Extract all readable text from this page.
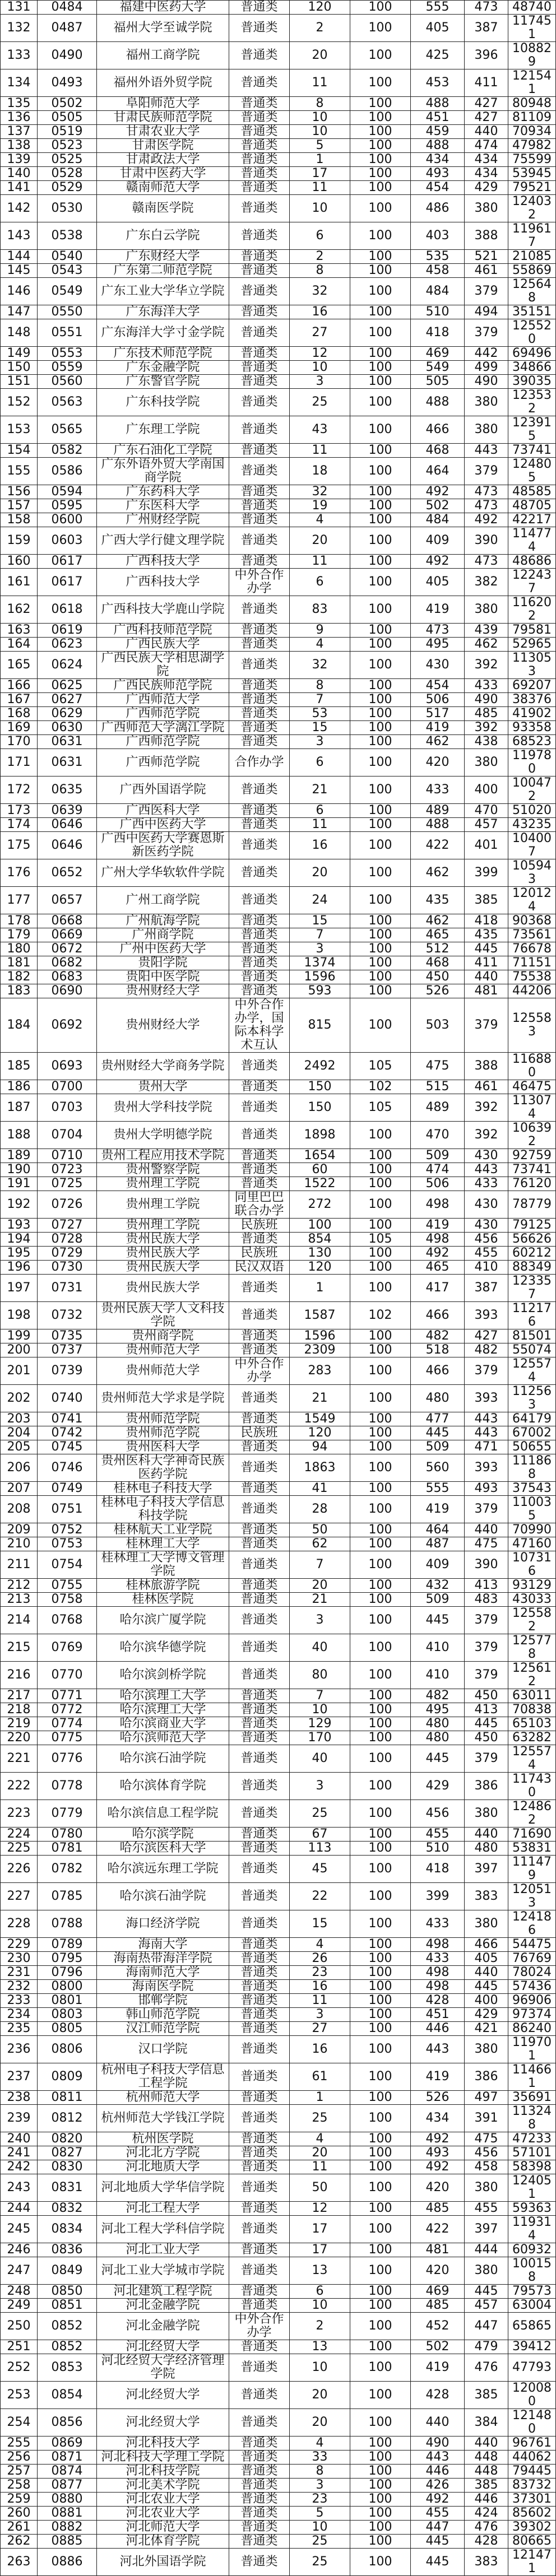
131	0484	福建中医药大学	普通类	120	100	555	473	48740
132	0487	福州大学至诚学院	普通类	2	100	405	387	117451
133	0490	福州工商学院	普通类	20	100	425	396	108829
134	0493	福州外语外贸学院	普通类	11	100	453	411	121541
135	0502	阜阳师范大学	普通类	8	100	488	427	80948
136	0505	甘肃民族师范学院	普通类	10	100	451	427	81109
137	0519	甘肃农业大学	普通类	10	100	459	440	70934
138	0523	甘肃医学院	普通类	5	100	488	474	47982
139	0525	甘肃政法大学	普通类	1	100	434	434	75599
140	0528	甘肃中医药大学	普通类	17	100	493	434	53945
141	0529	赣南师范大学	普通类	11	100	454	429	79521
142	0530	赣南医学院	普通类	10	100	486	380	124032
143	0538	广东白云学院	普通类	6	100	403	388	119617
144	0540	广东财经大学	普通类	2	100	535	521	21085
145	0543	广东第二师范学院	普通类	8	100	458	461	55869
146	0549	广东工业大学华立学院	普通类	32	100	484	379	125648
147	0550	广东海洋大学	普通类	16	100	510	494	35151
148	0551	广东海洋大学寸金学院	普通类	27	100	418	379	125520
149	0553	广东技术师范学院	普通类	12	100	469	442	69496
150	0559	广东金融学院	普通类	10	100	549	499	34866
151	0560	广东警官学院	普通类	3	100	505	490	39035
152	0563	广东科技学院	普通类	25	100	488	380	123532
153	0565	广东理工学院	普通类	43	100	466	380	123915
154	0582	广东石油化工学院	普通类	11	100	468	443	73741
155	0586	广东外语外贸大学南国商学院	普通类	18	100	464	379	124805
156	0594	广东药科大学	普通类	32	100	492	473	48585
157	0595	广东医科大学	普通类	19	100	502	473	48705
158	0600	广州财经学院	普通类	4	100	484	492	42217
159	0603	广西大学行健文理学院	普通类	20	100	409	390	114774
160	0617	广西科技大学	普通类	11	100	492	473	48686
161	0617	广西科技大学	中外合作办学	6	100	405	382	122437
162	0618	广西科技大学鹿山学院	普通类	83	100	419	380	116202
163	0619	广西科技师范学院	普通类	9	100	473	439	79581
164	0623	广西民族大学	普通类	4	100	495	462	52965
165	0624	广西民族大学相思湖学院	普通类	32	100	430	392	113053
166	0625	广西民族师范学院	普通类	8	100	454	433	69207
167	0627	广西师范大学	普通类	7	100	506	490	38376
168	0629	广西师范学院	普通类	53	100	517	485	41902
169	0630	广西师范大学漓江学院	普通类	15	100	419	392	93358
170	0631	广西师范学院	普通类	3	100	462	438	68523
171	0631	广西师范学院	合作办学	6	100	420	380	119780
172	0635	广西外国语学院	普通类	21	100	433	400	100472
173	0639	广西医科大学	普通类	6	100	489	470	51020
174	0646	广西中医药大学	普通类	11	100	488	457	43235
175	0646	广西中医药大学赛恩斯新医药学院	普通类	16	100	422	401	104007
176	0652	广州大学华软软件学院	普通类	20	100	462	399	105943
177	0657	广州工商学院	普通类	24	100	435	385	120124
178	0668	广州航海学院	普通类	15	100	462	418	90368
179	0669	广州商学院	普通类	7	100	465	435	73561
180	0672	广州中医药大学	普通类	3	100	512	445	76678
181	0682	贵阳学院	普通类	1374	100	468	411	71151
182	0683	贵阳中医学院	普通类	1596	100	450	440	75538
183	0690	贵州财经大学	普通类	593	100	526	481	44206
184	0692	贵州财经大学	中外合作办学，国际本科学术互认	815	100	503	379	125583
185	0693	贵州财经大学商务学院	普通类	2492	105	475	388	116880
186	0700	贵州大学	普通类	150	102	515	461	46475
187	0703	贵州大学科技学院	普通类	150	105	489	392	113074
188	0704	贵州大学明德学院	普通类	1898	100	470	392	106392
189	0710	贵州工程应用技术学院	普通类	1654	100	509	430	92759
190	0723	贵州警察学院	普通类	60	100	474	443	73741
191	0725	贵州理工学院	普通类	1522	100	506	433	76120
192	0726	贵州理工学院	同里巴巴联合办学	272	100	498	430	78779
193	0727	贵州理工学院	民族班	100	100	419	430	79125
194	0728	贵州民族大学	普通类	854	105	498	456	56626
195	0729	贵州民族大学	民族班	130	100	492	455	60212
196	0730	贵州民族大学	民汉双语	120	100	465	410	88349
197	0731	贵州民族大学	普通类	1	100	417	387	123357
198	0732	贵州民族大学人文科技学院	普通类	1587	102	466	393	112176
199	0735	贵州商学院	普通类	1596	100	482	427	81501
200	0737	贵州师范大学	普通类	2309	100	518	482	55074
201	0739	贵州师范大学	中外合作办学	283	100	466	379	125574
202	0740	贵州师范大学求是学院	普通类	21	100	480	393	112563
203	0741	贵州师范学院	普通类	1549	100	477	443	64179
204	0742	贵州师范学院	民族班	120	100	445	443	67002
205	0745	贵州医科大学	普通类	94	100	509	471	50655
206	0746	贵州医科大学神奇民族医药学院	普通类	1863	100	560	393	111868
207	0749	桂林电子科技大学	普通类	41	100	555	493	37543
208	0751	桂林电子科技大学信息科技学院	普通类	28	100	419	379	110035
209	0752	桂林航天工业学院	普通类	50	100	464	440	70990
210	0753	桂林理工大学	普通类	62	100	487	475	47160
211	0754	桂林理工大学博文管理学院	普通类	7	100	409	390	107316
212	0755	桂林旅游学院	普通类	20	100	432	413	93129
213	0758	桂林医学院	普通类	21	100	509	483	43033
214	0768	哈尔滨广厦学院	普通类	3	100	445	379	125582
215	0769	哈尔滨华德学院	普通类	40	100	410	379	125778
216	0770	哈尔滨剑桥学院	普通类	80	100	410	379	125612
217	0771	哈尔滨理工大学	普通类	7	100	482	450	63011
218	0772	哈尔滨理工大学	普通类	10	100	495	413	70838
219	0774	哈尔滨商业大学	普通类	129	100	480	445	65103
220	0775	哈尔滨师范大学	普通类	170	100	480	450	63282
221	0776	哈尔滨石油学院	普通类	40	100	445	379	125574
222	0778	哈尔滨体育学院	普通类	3	100	429	386	117430
223	0779	哈尔滨信息工程学院	普通类	25	100	456	380	124862
224	0780	哈尔滨学院	普通类	67	100	455	440	71690
225	0781	哈尔滨医科大学	普通类	113	100	510	480	53831
226	0782	哈尔滨远东理工学院	普通类	45	100	418	397	111479
227	0785	哈尔滨石油学院	普通类	22	100	399	383	120513
228	0788	海口经济学院	普通类	15	100	433	380	124186
229	0789	海南大学	普通类	4	100	498	466	54475
230	0795	海南热带海洋学院	普通类	26	100	433	405	76769
231	0796	海南师范大学	普通类	23	100	498	440	78024
232	0800	海南医学院	普通类	16	100	498	445	57436
233	0801	邯郸学院	普通类	11	100	428	400	96906
234	0803	韩山师范学院	普通类	3	100	451	429	97374
235	0805	汉江师范学院	普通类	27	100	446	421	86240
236	0806	汉口学院	普通类	16	100	443	380	119701
237	0809	杭州电子科技大学信息工程学院	普通类	61	100	419	386	114661
238	0811	杭州师范大学	普通类	1	100	526	497	35691
239	0812	杭州师范大学钱江学院	普通类	25	100	434	391	113248
240	0820	杭州医学院	普通类	4	100	492	475	47233
241	0827	河北北方学院	普通类	20	100	493	456	57101
242	0830	河北地质大学	普通类	11	100	492	458	58398
243	0831	河北地质大学华信学院	普通类	50	100	420	380	124051
244	0832	河北工程大学	普通类	12	100	485	455	59363
245	0834	河北工程大学科信学院	普通类	17	100	422	397	119314
246	0836	河北工业大学	普通类	17	100	481	444	60932
247	0849	河北工业大学城市学院	普通类	13	100	420	380	100158
248	0850	河北建筑工程学院	普通类	6	100	469	445	79573
249	0851	河北金融学院	普通类	10	100	485	457	63004
250	0852	河北金融学院	中外合作办学	2	100	452	447	65865
251	0852	河北经贸大学	普通类	13	100	502	479	39412
252	0853	河北经贸大学经济管理学院	普通类	10	100	419	476	47793
253	0854	河北经贸大学	普通类	20	100	428	385	120080
254	0856	河北经贸大学	普通类	20	100	440	384	121480
255	0869	河北科技大学	普通类	4	100	490	440	96761
256	0871	河北科技大学理工学院	普通类	33	100	443	448	44062
257	0874	河北科技学院	普通类	8	100	446	448	79445
258	0877	河北美术学院	普通类	3	100	426	385	83732
259	0880	河北农业大学	普通类	23	100	492	446	37301
260	0881	河北农业大学	普通类	5	100	455	424	85602
261	0882	河北师范大学	普通类	10	100	447	476	39302
262	0885	河北体育学院	普通类	25	100	445	428	80665
263	0886	河北外国语学院	普通类	25	100	445	383	121471
